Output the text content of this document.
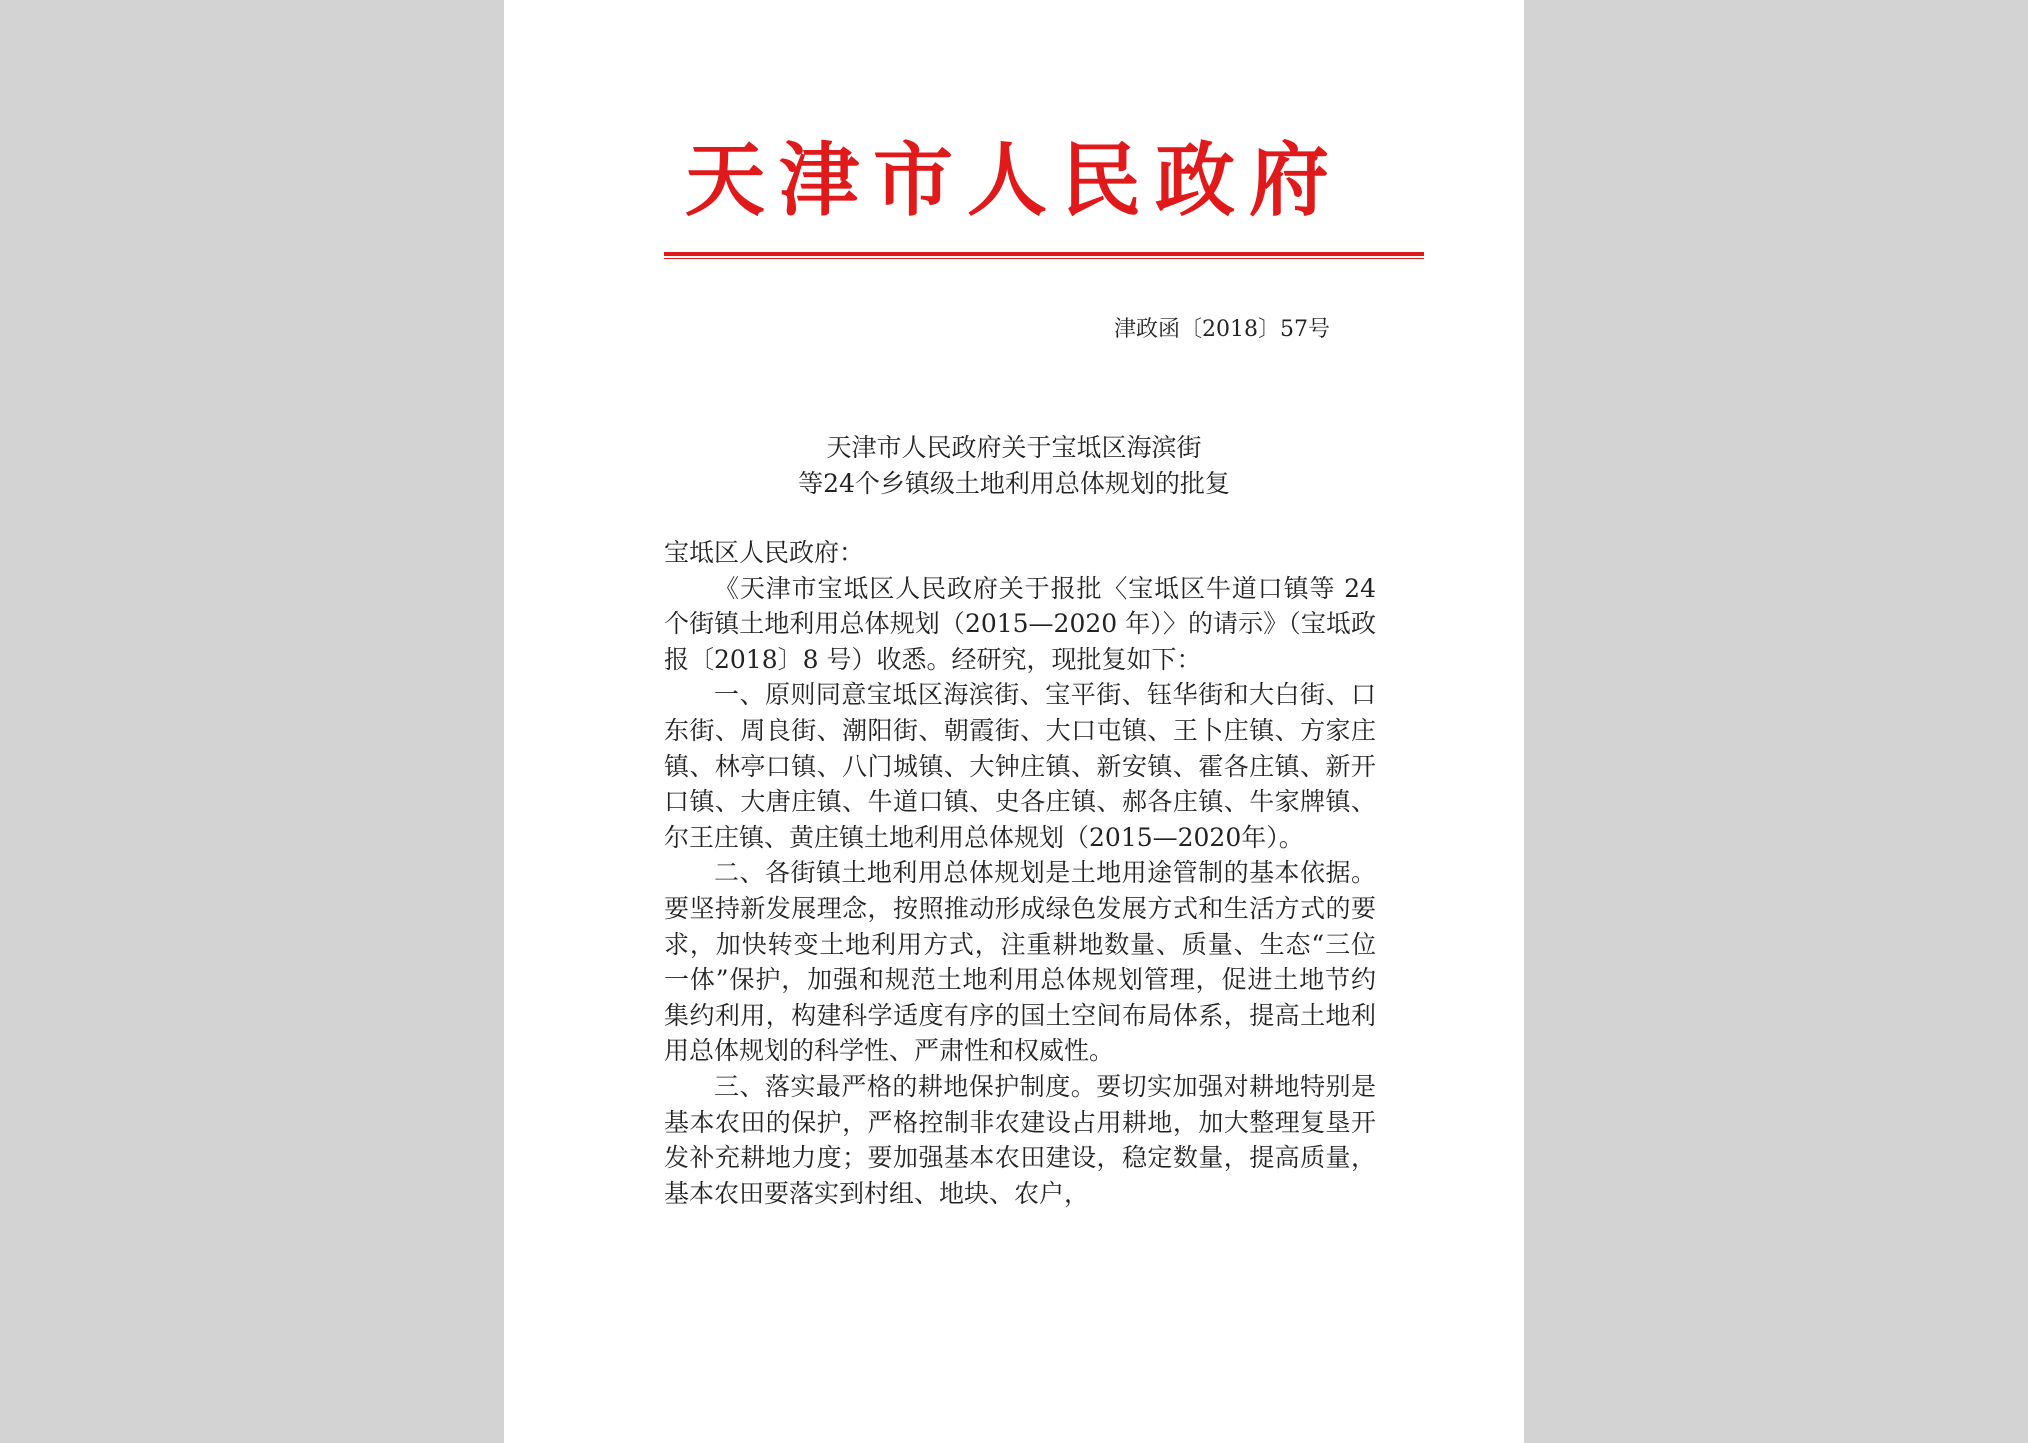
天津市人民政府
津政函〔2018〕57号
天津市人民政府关于宝坻区海滨街
等24个乡镇级土地利用总体规划的批复

宝坻区人民政府：

《天津市宝坻区人民政府关于报批〈宝坻区牛道口镇等 24 个街镇土地利用总体规划（2015—2020 年）〉的请示》（宝坻政报〔2018〕8 号）收悉。经研究，现批复如下：

一、原则同意宝坻区海滨街、宝平街、钰华街和大白街、口东街、周良街、潮阳街、朝霞街、大口屯镇、王卜庄镇、方家庄镇、林亭口镇、八门城镇、大钟庄镇、新安镇、霍各庄镇、新开口镇、大唐庄镇、牛道口镇、史各庄镇、郝各庄镇、牛家牌镇、尔王庄镇、黄庄镇土地利用总体规划（2015—2020年）。

二、各街镇土地利用总体规划是土地用途管制的基本依据。要坚持新发展理念，按照推动形成绿色发展方式和生活方式的要求，加快转变土地利用方式，注重耕地数量、质量、生态“三位一体”保护，加强和规范土地利用总体规划管理，促进土地节约集约利用，构建科学适度有序的国土空间布局体系，提高土地利用总体规划的科学性、严肃性和权威性。

三、落实最严格的耕地保护制度。要切实加强对耕地特别是基本农田的保护，严格控制非农建设占用耕地，加大整理复垦开发补充耕地力度；要加强基本农田建设，稳定数量，提高质量，基本农田要落实到村组、地块、农户，
